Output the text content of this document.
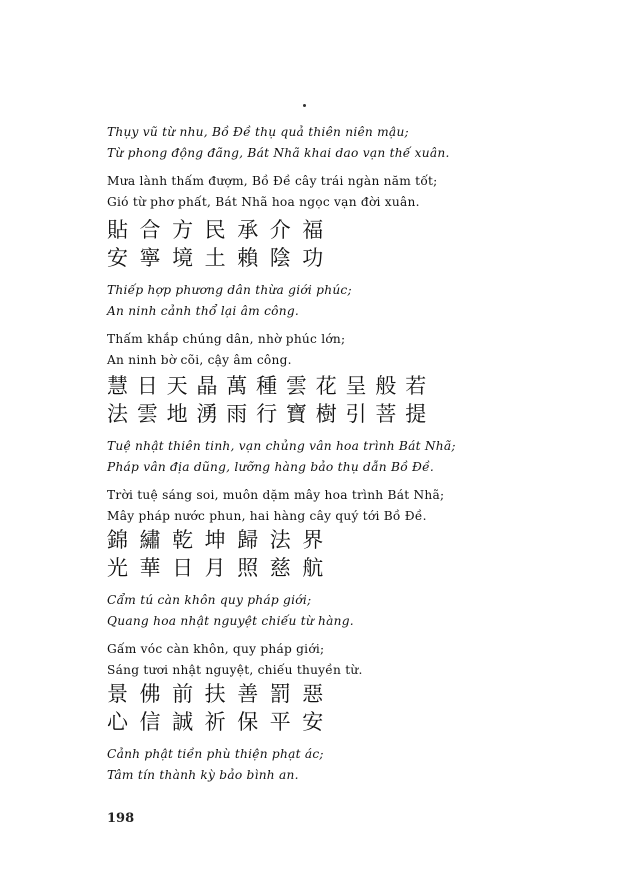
Thụy vũ từ nhu, Bồ Đề thụ quả thiên niên mậu;

Từ phong động đãng, Bát Nhã khai dao vạn thế xuân.

Mưa lành thấm đượm, Bồ Đề cây trái ngàn năm tốt;

Gió từ phơ phất, Bát Nhã hoa ngọc vạn đời xuân.

貼合方民承介福

安寧境土賴陰功

Thiếp hợp phương dân thừa giới phúc;

An ninh cảnh thổ lại âm công.

Thấm khắp chúng dân, nhờ phúc lớn;

An ninh bờ cõi, cậy âm công.

慧日天晶萬種雲花呈般若

法雲地湧雨行寶樹引菩提

Tuệ nhật thiên tinh, vạn chủng vân hoa trình Bát Nhã;

Pháp vân địa dũng, lưỡng hàng bảo thụ dẫn Bồ Đề.

Trời tuệ sáng soi, muôn dặm mây hoa trình Bát Nhã;

Mây pháp nước phun, hai hàng cây quý tới Bồ Đề.

錦繡乾坤歸法界

光華日月照慈航

Cẩm tú càn khôn quy pháp giới;

Quang hoa nhật nguyệt chiếu từ hàng.

Gấm vóc càn khôn, quy pháp giới;

Sáng tươi nhật nguyệt, chiếu thuyền từ.

景佛前扶善罰惡

心信誠祈保平安

Cảnh phật tiền phù thiện phạt ác;

Tâm tín thành kỳ bảo bình an.

198
